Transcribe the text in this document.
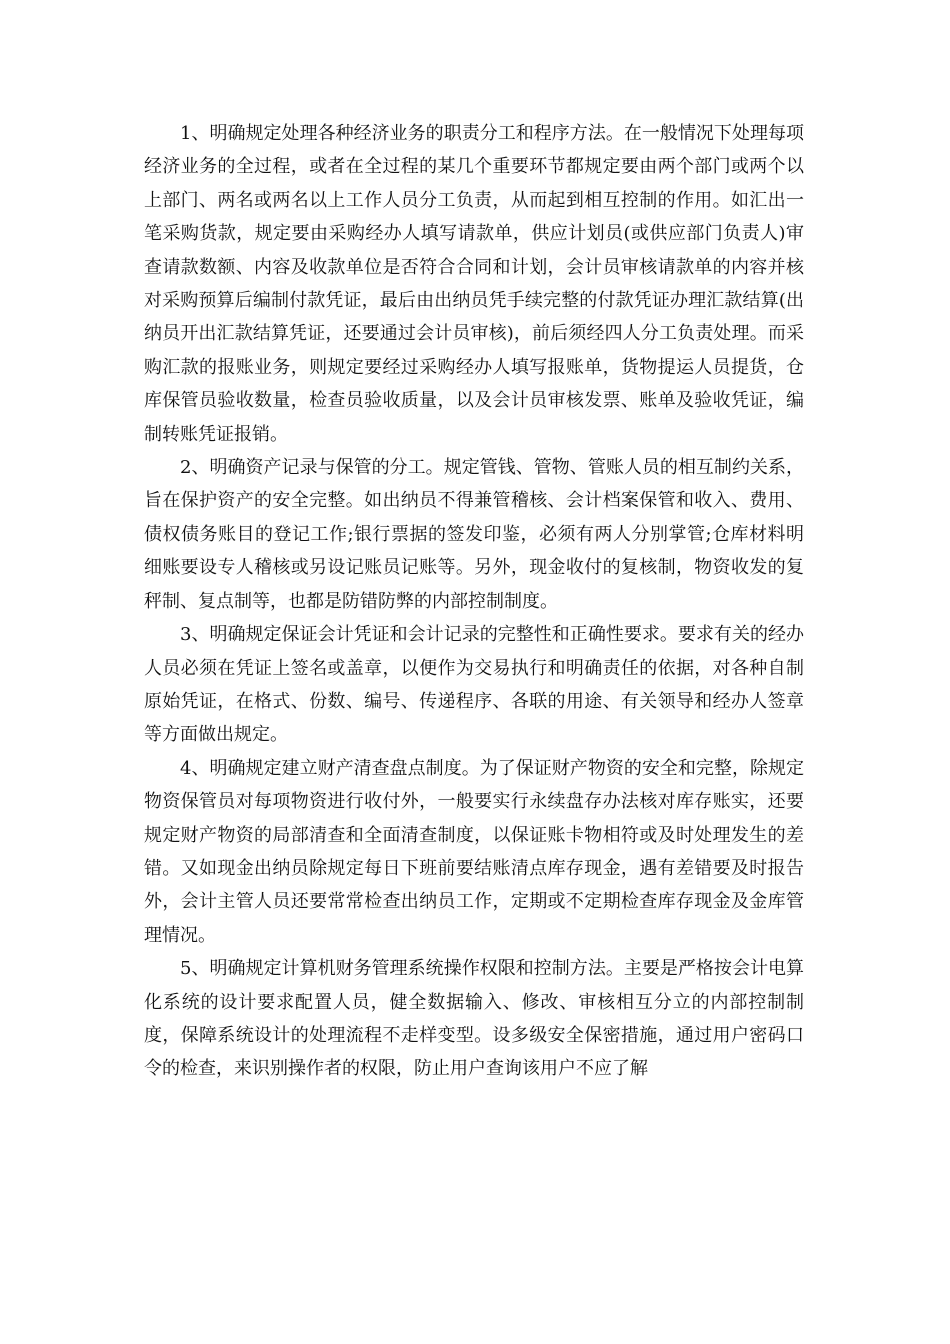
1、明确规定处理各种经济业务的职责分工和程序方法。在一般情况下处理每项经济业务的全过程，或者在全过程的某几个重要环节都规定要由两个部门或两个以上部门、两名或两名以上工作人员分工负责，从而起到相互控制的作用。如汇出一笔采购货款，规定要由采购经办人填写请款单，供应计划员(或供应部门负责人)审查请款数额、内容及收款单位是否符合合同和计划，会计员审核请款单的内容并核对采购预算后编制付款凭证，最后由出纳员凭手续完整的付款凭证办理汇款结算(出纳员开出汇款结算凭证，还要通过会计员审核)，前后须经四人分工负责处理。而采购汇款的报账业务，则规定要经过采购经办人填写报账单，货物提运人员提货，仓库保管员验收数量，检查员验收质量，以及会计员审核发票、账单及验收凭证，编制转账凭证报销。

2、明确资产记录与保管的分工。规定管钱、管物、管账人员的相互制约关系，旨在保护资产的安全完整。如出纳员不得兼管稽核、会计档案保管和收入、费用、债权债务账目的登记工作;银行票据的签发印鉴，必须有两人分别掌管;仓库材料明细账要设专人稽核或另设记账员记账等。另外，现金收付的复核制，物资收发的复秤制、复点制等，也都是防错防弊的内部控制制度。

3、明确规定保证会计凭证和会计记录的完整性和正确性要求。要求有关的经办人员必须在凭证上签名或盖章，以便作为交易执行和明确责任的依据，对各种自制原始凭证，在格式、份数、编号、传递程序、各联的用途、有关领导和经办人签章等方面做出规定。

4、明确规定建立财产清查盘点制度。为了保证财产物资的安全和完整，除规定物资保管员对每项物资进行收付外，一般要实行永续盘存办法核对库存账实，还要规定财产物资的局部清查和全面清查制度，以保证账卡物相符或及时处理发生的差错。又如现金出纳员除规定每日下班前要结账清点库存现金，遇有差错要及时报告外，会计主管人员还要常常检查出纳员工作，定期或不定期检查库存现金及金库管理情况。

5、明确规定计算机财务管理系统操作权限和控制方法。主要是严格按会计电算化系统的设计要求配置人员，健全数据输入、修改、审核相互分立的内部控制制度，保障系统设计的处理流程不走样变型。设多级安全保密措施，通过用户密码口令的检查，来识别操作者的权限，防止用户查询该用户不应了解
